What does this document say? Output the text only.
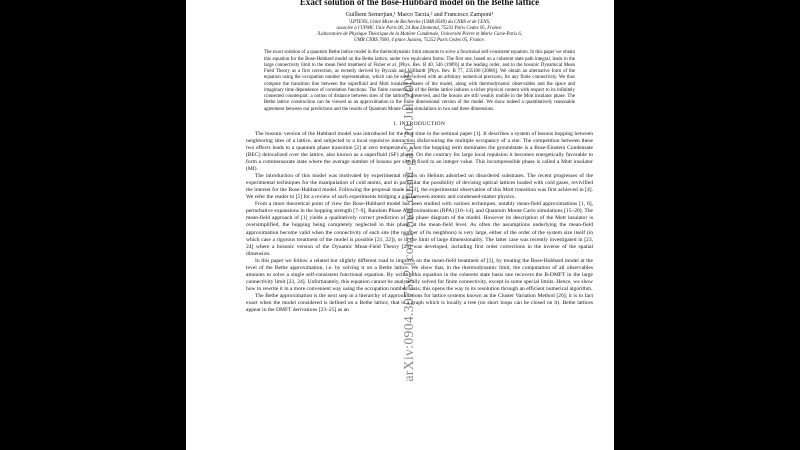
arXiv:0904.3075v2 [cond-mat.quant-gas] 20 Jul 2009
Exact solution of the Bose-Hubbard model on the Bethe lattice
Guilhem Semerjian,¹ Marco Tarzia,² and Francesco Zamponi¹
¹LPTENS, Unité Mixte de Recherche (UMR 8549) du CNRS et de l'ENS,
associée à l'UPMC Univ Paris 06, 24 Rue Lhomond, 75231 Paris Cedex 05, France.
²Laboratoire de Physique Théorique de la Matière Condensée, Université Pierre et Marie Curie-Paris 6,
UMR CNRS 7600, 4 place Jussieu, 75252 Paris Cedex 05, France.
The exact solution of a quantum Bethe lattice model in the thermodynamic limit amounts to solve a functional self-consistent equation. In this paper we obtain this equation for the Bose-Hubbard model on the Bethe lattice, under two equivalent forms. The first one, based on a coherent state path integral, leads in the large connectivity limit to the mean field treatment of Fisher et al. [Phys. Rev. B 40, 546 (1989)] at the leading order, and to the bosonic Dynamical Mean Field Theory as a first correction, as recently derived by Byczuk and Vollhardt [Phys. Rev. B 77, 235106 (2008)]. We obtain an alternative form of the equation using the occupation number representation, which can be easily solved with an arbitrary numerical precision, for any finite connectivity. We thus compute the transition line between the superfluid and Mott insulator phases of the model, along with thermodynamic observables and the space and imaginary time dependence of correlation functions. The finite connectivity of the Bethe lattice induces a richer physical content with respect to its infinitely connected counterpart: a notion of distance between sites of the lattice is preserved, and the bosons are still weakly mobile in the Mott insulator phase. The Bethe lattice construction can be viewed as an approximation to the finite dimensional version of the model. We show indeed a quantitatively reasonable agreement between our predictions and the results of Quantum Monte Carlo simulations in two and three dimensions.
I. INTRODUCTION

The bosonic version of the Hubbard model was introduced for the first time in the seminal paper [1]. It describes a system of bosons hopping between neighboring sites of a lattice, and subjected to a local repulsive interaction disfavouring the multiple occupancy of a site. The competition between these two effects leads to a quantum phase transition [2] at zero temperature: when the hopping term dominates the groundstate is a Bose-Einstein Condensate (BEC) delocalized over the lattice, also known as a superfluid (SF) phase. On the contrary for large local repulsion it becomes energetically favorable to form a commensurate state where the average number of bosons per site is fixed to an integer value. This incompressible phase is called a Mott insulator (MI).

The introduction of this model was motivated by experimental results on Helium adsorbed on disordered substrates. The recent progresses of the experimental techniques for the manipulation of cold atoms, and in particular the possibility of devising optical lattices loaded with cold gases, revivified the interest for the Bose-Hubbard model. Following the proposal made in [3], the experimental observation of this Mott transition was first achieved in [4]. We refer the reader to [5] for a review of such experiments bridging a gap between atomic and condensed-matter physics.

From a more theoretical point of view the Bose-Hubbard model has been studied with various techniques, notably mean-field approximations [1, 6], perturbative expansions in the hopping strength [7–9], Random Phase Approximations (RPA) [10–14], and Quantum Monte Carlo simulations [15–20]. The mean-field approach of [1] yields a qualitatively correct prediction of the phase diagram of the model. However its description of the Mott insulator is oversimplified, the hopping being completely neglected in this phase at the mean-field level. As often the assumptions underlying the mean-field approximation become valid when the connectivity of each site (the number of its neighbors) is very large, either of the order of the system size itself (in which case a rigorous treatment of the model is possible [21, 22]), or in the limit of large dimensionality. The latter case was recently investigated in [23, 24] where a bosonic version of the Dynamic Mean-Field Theory [25] was developed, including first order corrections in the inverse of the spatial dimension.

In this paper we follow a related but slightly different road to improve on the mean-field treatment of [1], by treating the Bose-Hubbard model at the level of the Bethe approximation, i.e. by solving it on a Bethe lattice. We show that, in the thermodynamic limit, the computation of all observables amounts to solve a single self-consistent functional equation. By writing this equation in the coherent state basis one recovers the B-DMFT in the large connectivity limit [23, 24]. Unfortunately, this equation cannot be analytically solved for finite connectivity, except in some special limits. Hence, we show how to rewrite it in a more convenient way using the occupation number basis; this opens the way to its resolution through an efficient numerical algorithm.

The Bethe approximation is the next step in a hierarchy of approximations for lattice systems known as the Cluster Variation Method [26]; it is in fact exact when the model considered is defined on a Bethe lattice, that is a graph which is locally a tree (no short loops can be closed on it). Bethe lattices appear in the DMFT derivations [23–25] as an
